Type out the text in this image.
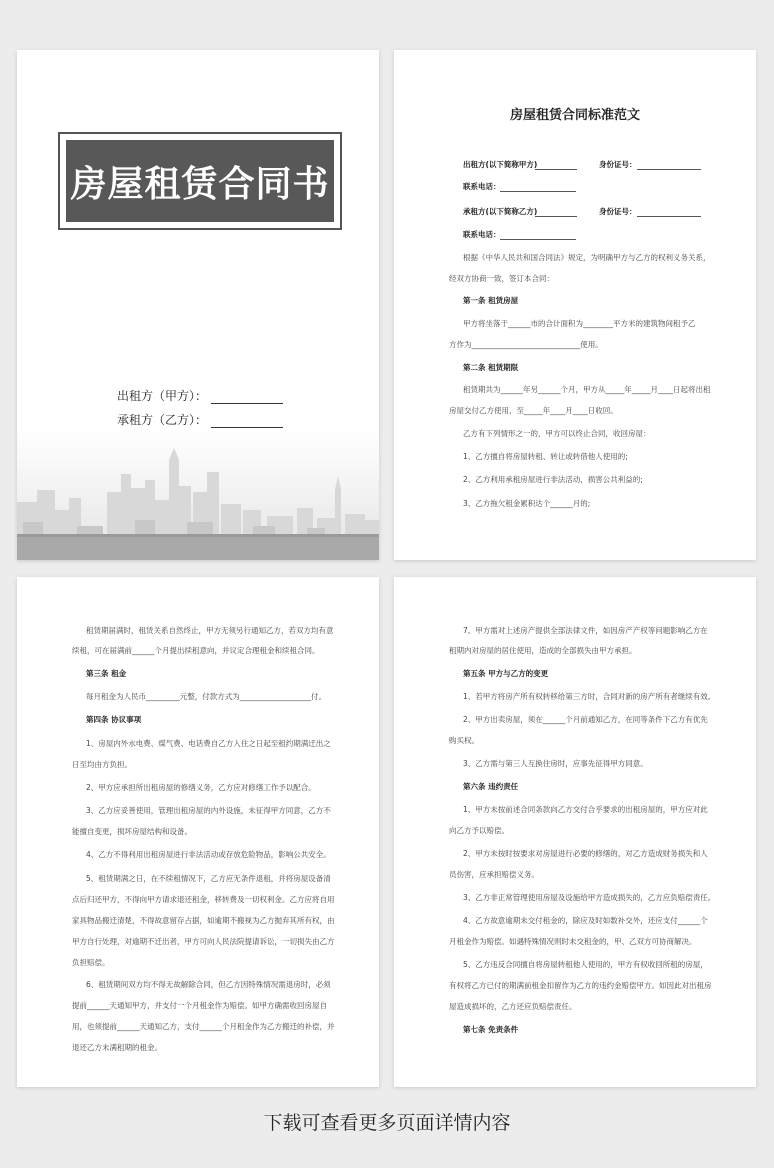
房屋租赁合同书
出租方（甲方）：
承租方（乙方）：

房屋租赁合同标准范文
出租方(以下简称甲方)	身份证号：
联系电话：
承租方(以下简称乙方)	身份证号：
联系电话：
根据《中华人民共和国合同法》规定，为明确甲方与乙方的权利义务关系，
经双方协商一致，签订本合同：
第一条 租赁房屋
甲方将坐落于______市的合计面积为________平方米的建筑物间租予乙
方作为_____________________________使用。
第二条 租赁期限
租赁期共为______年另______个月，甲方从_____年_____月____日起将出租
房屋交付乙方使用，至_____年____月____日收回。
乙方有下列情形之一的，甲方可以终止合同，收回房屋：
1、乙方擅自将房屋转租、转让或转借他人使用的;
2、乙方利用承租房屋进行非法活动，损害公共利益的;
3、乙方拖欠租金累积达个______月的;
租赁期届满时，租赁关系自然终止，甲方无须另行通知乙方，若双方均有意
续租，可在届满前______个月提出续租意向，并议定合理租金和续租合同。
第三条 租金
每月租金为人民币_________元整，付款方式为___________________付。
第四条 协议事项
1、房屋内外水电费、煤气费、电话费自乙方入住之日起至租约期满迁出之
日至均由方负担。
2、甲方应承担所出租房屋的修缮义务，乙方应对修缮工作予以配合。
3、乙方应妥善使用，管理出租房屋的内外设施，未征得甲方同意，乙方不
能擅自变更，损坏房屋结构和设备。
4、乙方不得利用出租房屋进行非法活动或存放危险物品，影响公共安全。
5、租赁期满之日，在不续租情况下，乙方应无条件退租，并将房屋设备清
点后归还甲方，不得向甲方请求退还租金，移转费及一切权利金。乙方应将自用
家具物品搬迁清楚，不得故意留存占据，如逾期不搬视为乙方抛弃其所有权，由
甲方自行处理，对逾期不迁出者，甲方可向人民法院提请诉讼，一切损失由乙方
负担赔偿。
6、租赁期间双方均不得无故解除合同，但乙方因特殊情况需退房时，必须
提前______天通知甲方，并支付一个月租金作为赔偿。如甲方确需收回房屋自
用，也须提前______天通知乙方，支付______个月租金作为乙方搬迁的补偿，并
退还乙方未满租期的租金。
7、甲方需对上述房产提供全部法律文件，如因房产产权等问题影响乙方在
租期内对房屋的居住使用，造成的全部损失由甲方承担。
第五条 甲方与乙方的变更
1、若甲方将房产所有权转移给第三方时，合同对新的房产所有者继续有效。
2、甲方出卖房屋，须在______个月前通知乙方，在同等条件下乙方有优先
购买权。
3、乙方需与第三人互换住房时，应事先征得甲方同意。
第六条 违约责任
1、甲方未按前述合同条款向乙方交付合乎要求的出租房屋的，甲方应对此
向乙方予以赔偿。
2、甲方未按时按要求对房屋进行必要的修缮的，对乙方造成财务损失和人
员伤害，应承担赔偿义务。
3、乙方非正常管理使用房屋及设施给甲方造成损失的，乙方应负赔偿责任。
4、乙方故意逾期未交付租金的，除应及时如数补交外，还应支付______个
月租金作为赔偿。如遇特殊情况则时未交租金的，甲、乙双方可协商解决。
5、乙方违反合同擅自将房屋转租他人使用的，甲方有权收回所租的房屋，
有权将乙方已付的期满前租金扣留作为乙方的违约金赔偿甲方。如因此对出租房
屋造成损坏的，乙方还应负赔偿责任。
第七条 免责条件
下载可查看更多页面详情内容
